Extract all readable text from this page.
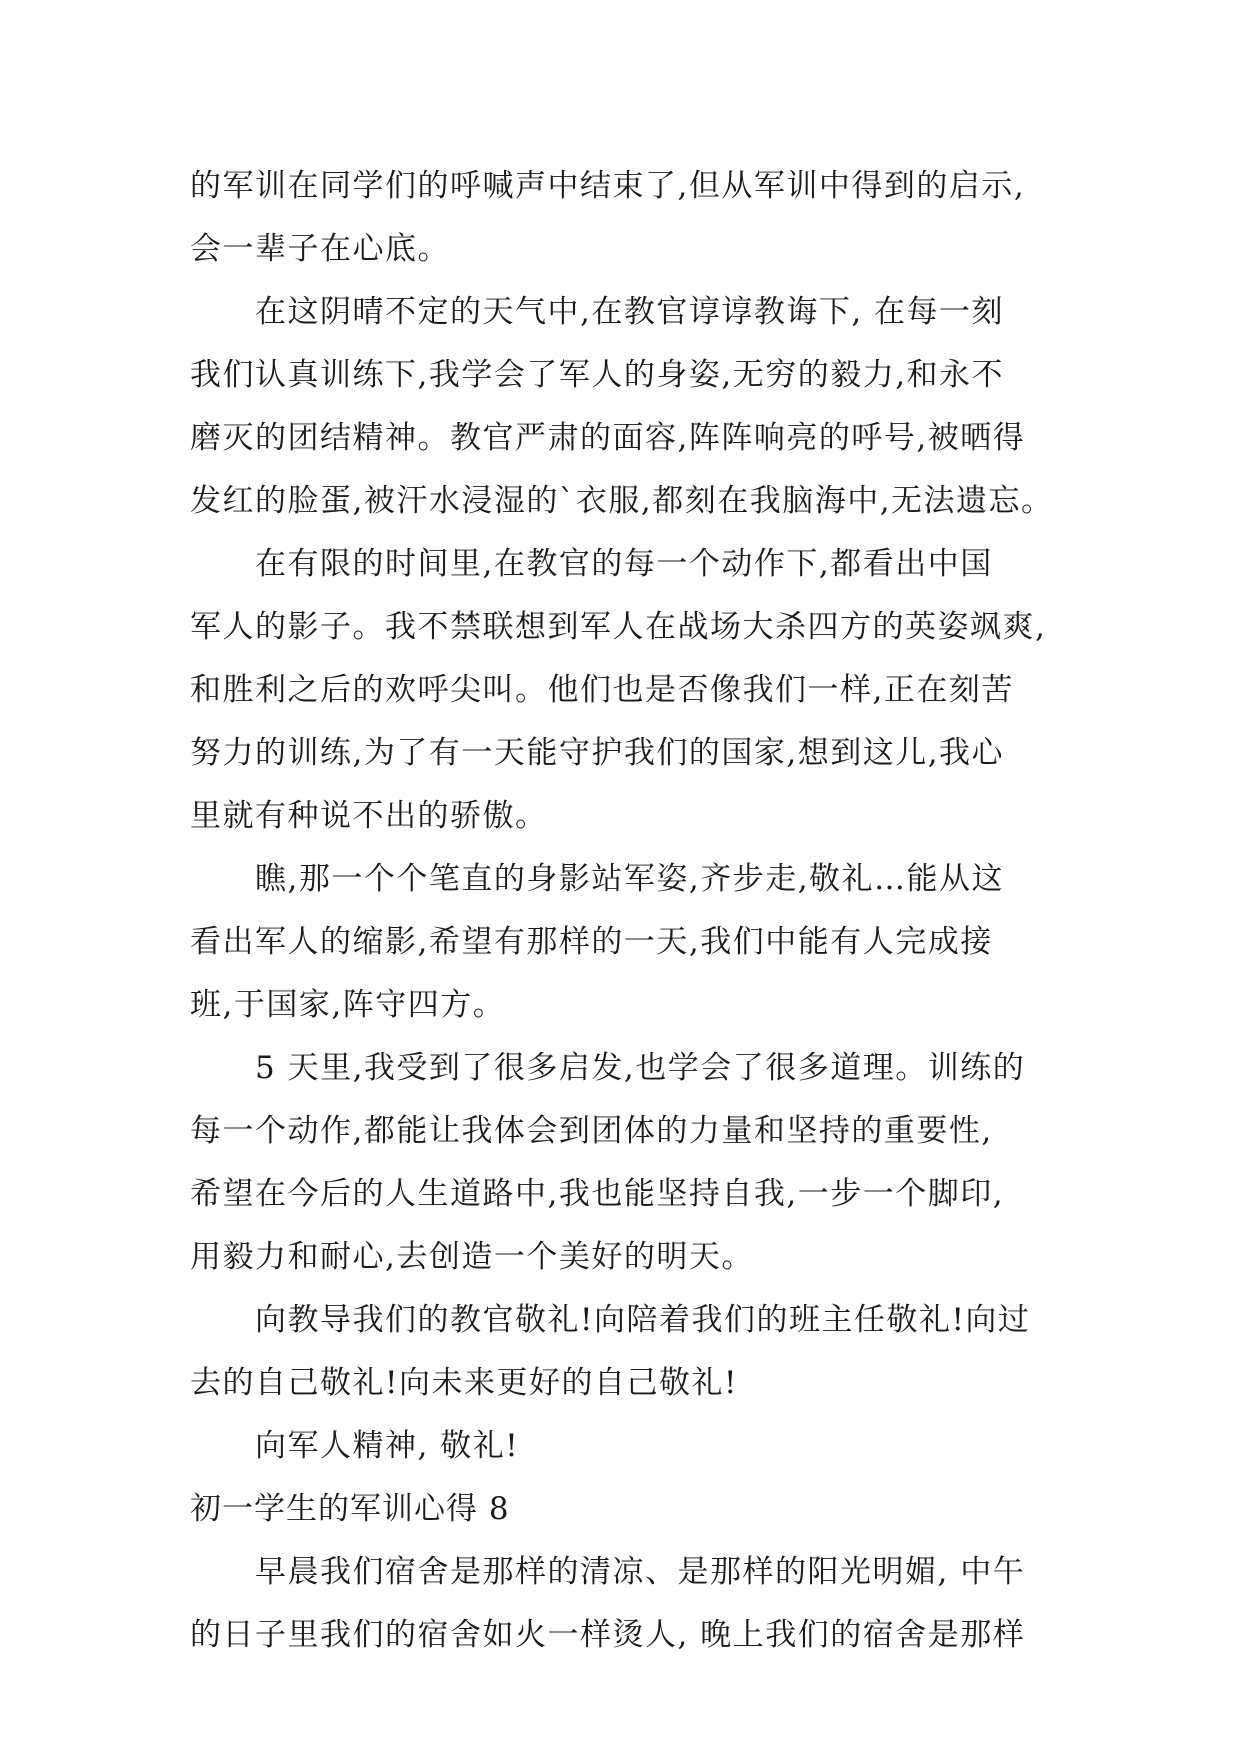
的军训在同学们的呼喊声中结束了,但从军训中得到的启示,
会一辈子在心底。
在这阴晴不定的天气中,在教官谆谆教诲下, 在每一刻
我们认真训练下,我学会了军人的身姿,无穷的毅力,和永不
磨灭的团结精神。教官严肃的面容,阵阵响亮的呼号,被晒得
发红的脸蛋,被汗水浸湿的`衣服,都刻在我脑海中,无法遗忘。
在有限的时间里,在教官的每一个动作下,都看出中国
军人的影子。我不禁联想到军人在战场大杀四方的英姿飒爽,
和胜利之后的欢呼尖叫。他们也是否像我们一样,正在刻苦
努力的训练,为了有一天能守护我们的国家,想到这儿,我心
里就有种说不出的骄傲。
瞧,那一个个笔直的身影站军姿,齐步走,敬礼…能从这
看出军人的缩影,希望有那样的一天,我们中能有人完成接
班,于国家,阵守四方。
5 天里,我受到了很多启发,也学会了很多道理。训练的
每一个动作,都能让我体会到团体的力量和坚持的重要性,
希望在今后的人生道路中,我也能坚持自我,一步一个脚印,
用毅力和耐心,去创造一个美好的明天。
向教导我们的教官敬礼!向陪着我们的班主任敬礼!向过
去的自己敬礼!向未来更好的自己敬礼!
向军人精神, 敬礼!
初一学生的军训心得 8
早晨我们宿舍是那样的清凉、是那样的阳光明媚, 中午
的日子里我们的宿舍如火一样烫人, 晚上我们的宿舍是那样
